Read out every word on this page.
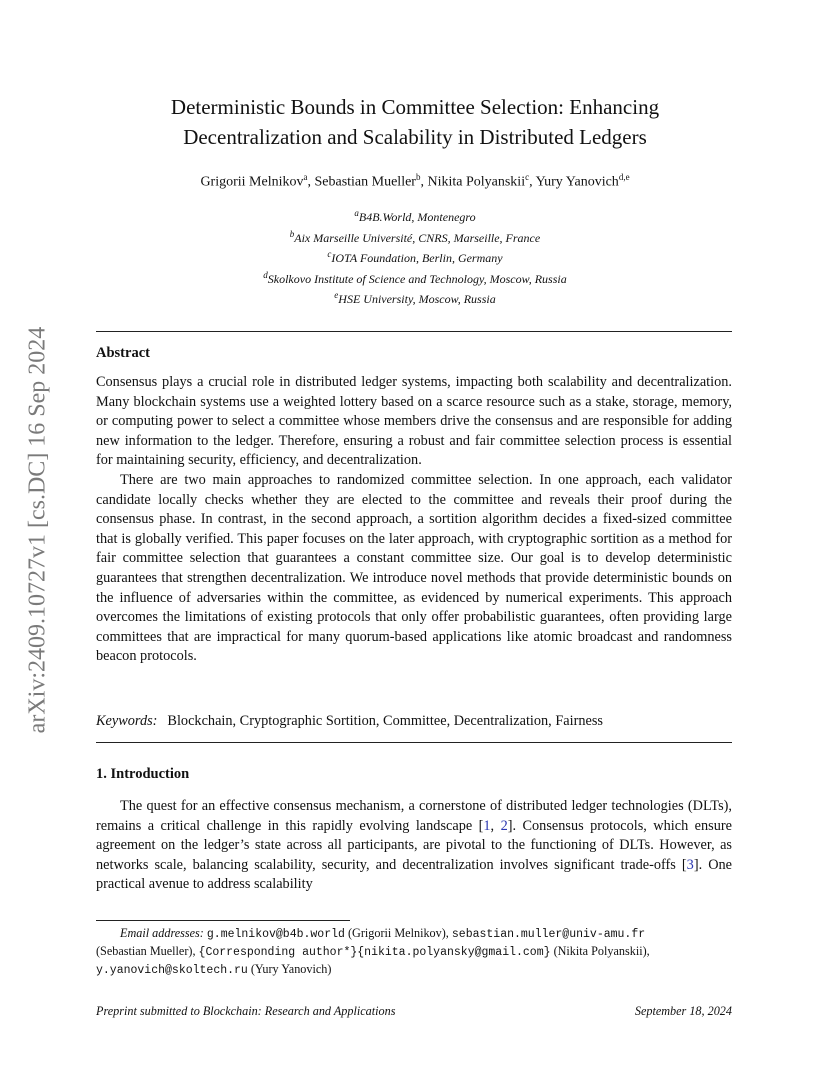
arXiv:2409.10727v1 [cs.DC] 16 Sep 2024
Deterministic Bounds in Committee Selection: Enhancing
Decentralization and Scalability in Distributed Ledgers
Grigorii Melnikov$^a$, Sebastian Mueller$^b$, Nikita Polyanskii$^c$, Yury Yanovich$^{d,e}$
$^a$B4B.World, Montenegro
$^b$Aix Marseille Université, CNRS, Marseille, France
$^c$IOTA Foundation, Berlin, Germany
$^d$Skolkovo Institute of Science and Technology, Moscow, Russia
$^e$HSE University, Moscow, Russia
Abstract
Consensus plays a crucial role in distributed ledger systems, impacting both scalability and decentralization. Many blockchain systems use a weighted lottery based on a scarce resource such as a stake, storage, memory, or computing power to select a committee whose members drive the consensus and are responsible for adding new information to the ledger. Therefore, ensuring a robust and fair committee selection process is essential for maintaining security, efficiency, and decentralization.
There are two main approaches to randomized committee selection. In one approach, each validator candidate locally checks whether they are elected to the committee and reveals their proof during the consensus phase. In contrast, in the second approach, a sortition algorithm decides a fixed-sized committee that is globally verified. This paper focuses on the later approach, with cryptographic sortition as a method for fair committee selection that guarantees a constant committee size. Our goal is to develop deterministic guarantees that strengthen decentralization. We introduce novel methods that provide deterministic bounds on the influence of adversaries within the committee, as evidenced by numerical experiments. This approach overcomes the limitations of existing protocols that only offer probabilistic guarantees, often providing large committees that are impractical for many quorum-based applications like atomic broadcast and randomness beacon protocols.
Keywords: Blockchain, Cryptographic Sortition, Committee, Decentralization, Fairness
1. Introduction
The quest for an effective consensus mechanism, a cornerstone of distributed ledger technologies (DLTs), remains a critical challenge in this rapidly evolving landscape [1, 2]. Consensus protocols, which ensure agreement on the ledger’s state across all participants, are pivotal to the functioning of DLTs. However, as networks scale, balancing scalability, security, and decentralization involves significant trade-offs [3]. One practical avenue to address scalability
Email addresses: g.melnikov@b4b.world (Grigorii Melnikov), sebastian.muller@univ-amu.fr
(Sebastian Mueller), {Corresponding author*}{nikita.polyansky@gmail.com} (Nikita Polyanskii),
y.yanovich@skoltech.ru (Yury Yanovich)
Preprint submitted to Blockchain: Research and Applications	September 18, 2024
